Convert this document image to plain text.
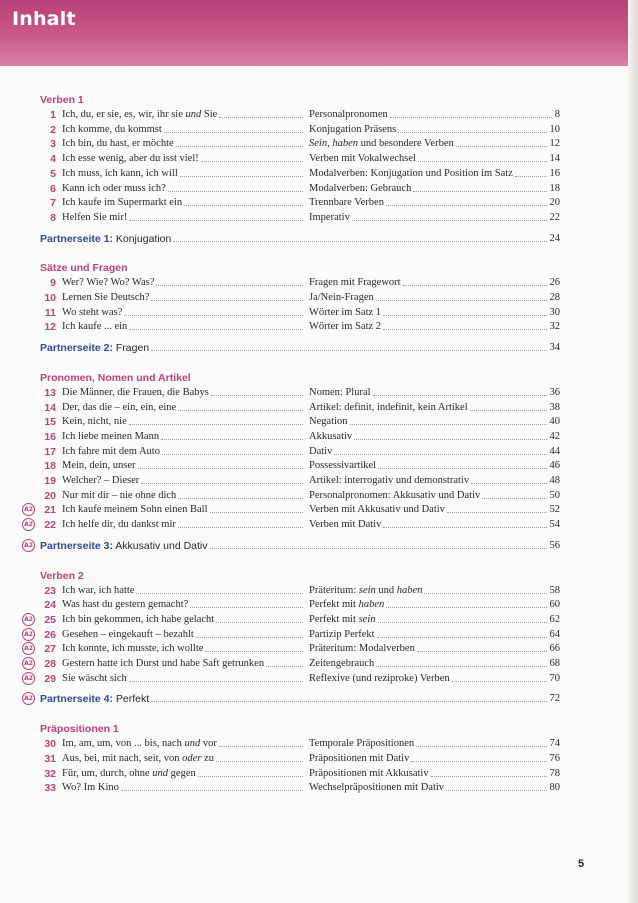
Inhalt
Verben 1
1 Ich, du, er sie, es, wir, ihr sie und Sie	Personalpronomen	8
2 Ich komme, du kommst	Konjugation Präsens	10
3 Ich bin, du hast, er möchte	Sein, haben und besondere Verben	12
4 Ich esse wenig, aber du isst viel!	Verben mit Vokalwechsel	14
5 Ich muss, ich kann, ich will	Modalverben: Konjugation und Position im Satz	16
6 Kann ich oder muss ich?	Modalverben: Gebrauch	18
7 Ich kaufe im Supermarkt ein	Trennbare Verben	20
8 Helfen Sie mir!	Imperativ	22
Partnerseite 1: Konjugation	24
Sätze und Fragen
9 Wer? Wie? Wo? Was?	Fragen mit Fragewort	26
10 Lernen Sie Deutsch?	Ja/Nein-Fragen	28
11 Wo steht was?	Wörter im Satz 1	30
12 Ich kaufe ... ein	Wörter im Satz 2	32
Partnerseite 2: Fragen	34
Pronomen, Nomen und Artikel
13 Die Männer, die Frauen, die Babys	Nomen: Plural	36
14 Der, das die – ein, ein, eine	Artikel: definit, indefinit, kein Artikel	38
15 Kein, nicht, nie	Negation	40
16 Ich liebe meinen Mann	Akkusativ	42
17 Ich fahre mit dem Auto	Dativ	44
18 Mein, dein, unser	Possessivartikel	46
19 Welcher? – Dieser	Artikel: interrogativ und demonstrativ	48
20 Nur mit dir – nie ohne dich	Personalpronomen: Akkusativ und Dativ	50
A2 21 Ich kaufe meinem Sohn einen Ball	Verben mit Akkusativ und Dativ	52
A2 22 Ich helfe dir, du dankst mir	Verben mit Dativ	54
A2 Partnerseite 3: Akkusativ und Dativ	56
Verben 2
23 Ich war, ich hatte	Präteritum: sein und haben	58
24 Was hast du gestern gemacht?	Perfekt mit haben	60
A2 25 Ich bin gekommen, ich habe gelacht	Perfekt mit sein	62
A2 26 Gesehen – eingekauft – bezahlt	Partizip Perfekt	64
A2 27 Ich konnte, ich musste, ich wollte	Präteritum: Modalverben	66
A2 28 Gestern hatte ich Durst und habe Saft getrunken	Zeitengebrauch	68
A2 29 Sie wäscht sich	Reflexive (und reziproke) Verben	70
A2 Partnerseite 4: Perfekt	72
Präpositionen 1
30 Im, am, um, von ... bis, nach und vor	Temporale Präpositionen	74
31 Aus, bei, mit nach, seit, von oder zu	Präpositionen mit Dativ	76
32 Für, um, durch, ohne und gegen	Präpositionen mit Akkusativ	78
33 Wo? Im Kino	Wechselpräpositionen mit Dativ	80
5
